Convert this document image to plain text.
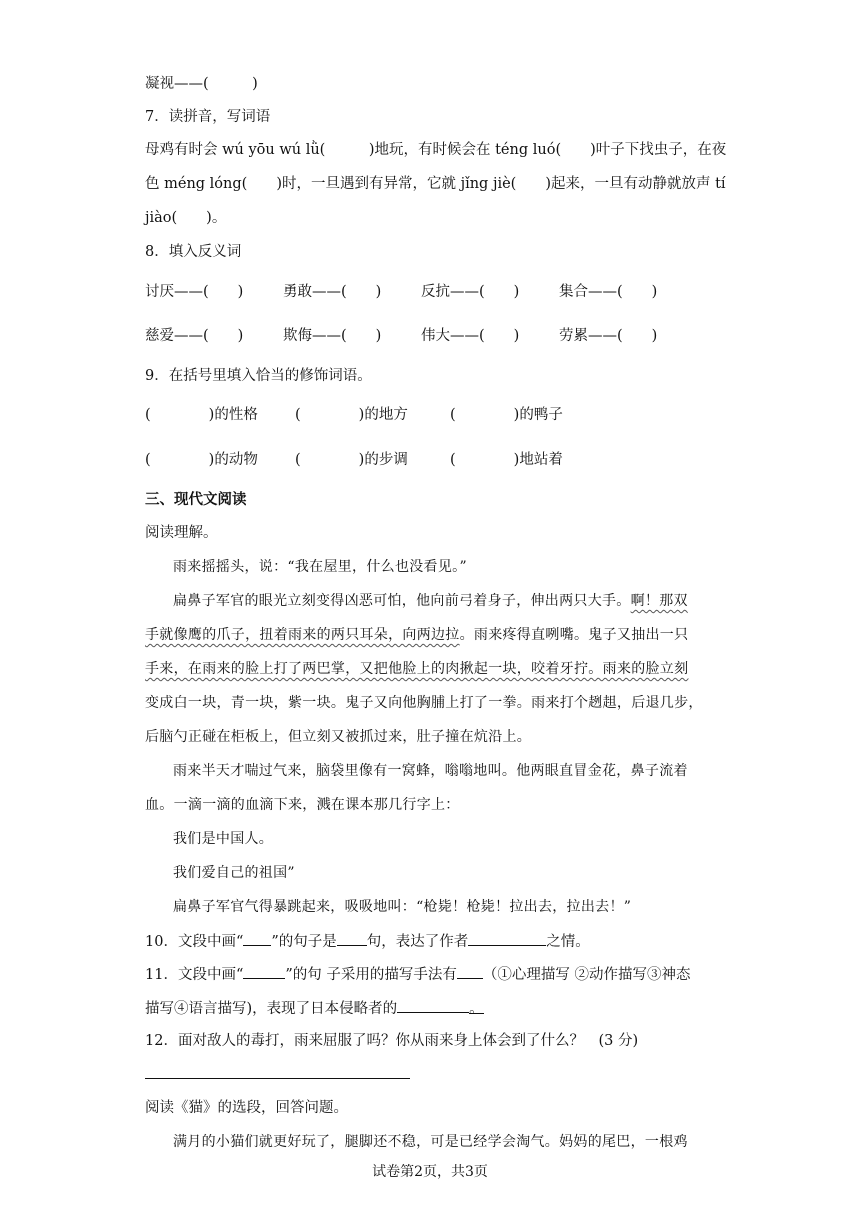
凝视——(　　　)
7．读拼音，写词语
母鸡有时会 wú yōu wú lǜ(　　　)地玩，有时候会在 téng luó(　　)叶子下找虫子，在夜
色 méng lóng(　　)时，一旦遇到有异常，它就 jǐng jiè(　　)起来，一旦有动静就放声 tí
jiào(　　)。
8．填入反义词
讨厌——(　　)	勇敢——(　　)	反抗——(　　)	集合——(　　)
慈爱——(　　)	欺侮——(　　)	伟大——(　　)	劳累——(　　)
9．在括号里填入恰当的修饰词语。
(　　　　)的性格	(　　　　)的地方	(　　　　)的鸭子
(　　　　)的动物	(　　　　)的步调	(　　　　)地站着
三、现代文阅读
阅读理解。
雨来摇摇头，说：“我在屋里，什么也没看见。”
扁鼻子军官的眼光立刻变得凶恶可怕，他向前弓着身子，伸出两只大手。啊！那双
手就像鹰的爪子，扭着雨来的两只耳朵，向两边拉。雨来疼得直咧嘴。鬼子又抽出一只
手来，在雨来的脸上打了两巴掌，又把他脸上的肉揪起一块，咬着牙拧。雨来的脸立刻
变成白一块，青一块，紫一块。鬼子又向他胸脯上打了一拳。雨来打个趔趄，后退几步，
后脑勺正碰在柜板上，但立刻又被抓过来，肚子撞在炕沿上。
雨来半天才喘过气来，脑袋里像有一窝蜂，嗡嗡地叫。他两眼直冒金花，鼻子流着
血。一滴一滴的血滴下来，溅在课本那几行字上：
我们是中国人。
我们爱自己的祖国”
扁鼻子军官气得暴跳起来，吸吸地叫：“枪毙！枪毙！拉出去，拉出去！”
10．文段中画“ ”的句子是 句，表达了作者	之情。
11．文段中画“	”的句 子采用的描写手法有 （①心理描写 ②动作描写③神态
描写④语言描写)，表现了日本侵略者的	。
12．面对敌人的毒打，雨来屈服了吗？你从雨来身上体会到了什么？　(3 分)
阅读《猫》的选段，回答问题。
满月的小猫们就更好玩了，腿脚还不稳，可是已经学会淘气。妈妈的尾巴，一根鸡
试卷第2页，共3页
